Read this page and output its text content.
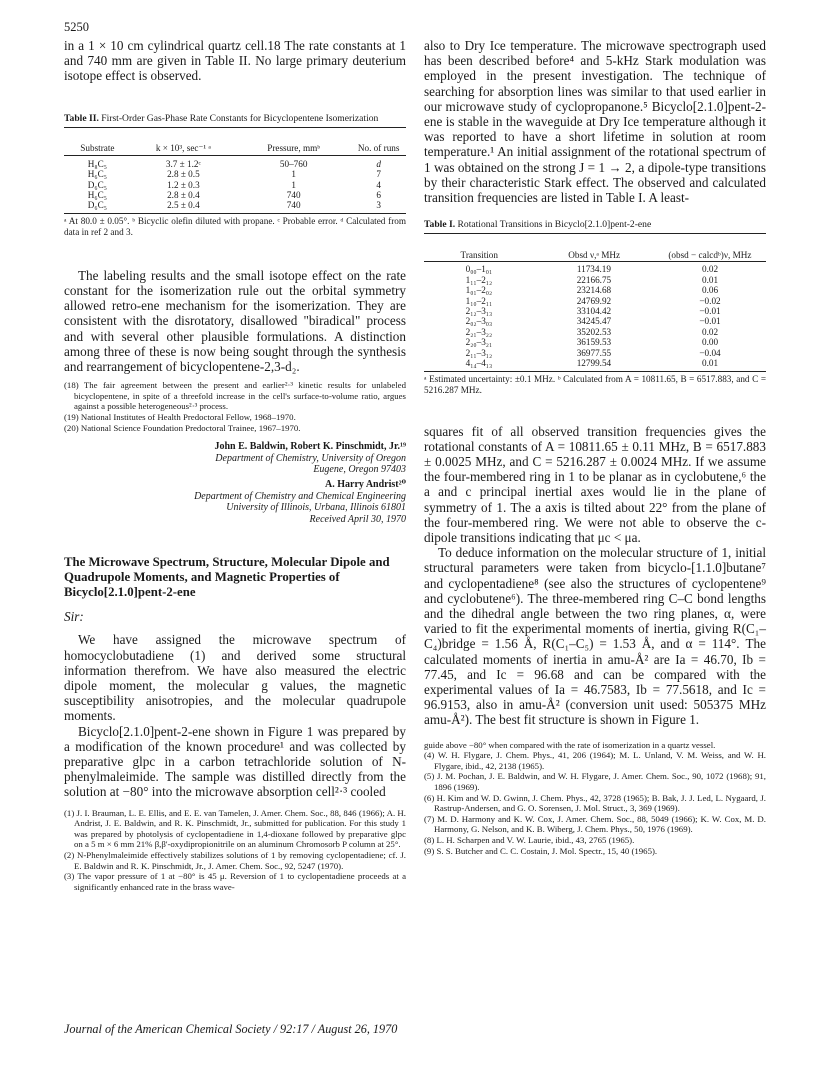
5250

in a 1 × 10 cm cylindrical quartz cell.18 The rate constants at 1 and 740 mm are given in Table II. No large primary deuterium isotope effect is observed.

Table II. First-Order Gas-Phase Rate Constants for Bicyclopentene Isomerization

Substrate	k × 10³, sec⁻¹ ᵃ	Pressure, mmᵇ	No. of runs
H₈C₅	3.7 ± 1.2ᶜ	50–760	d
H₆C₅	2.8 ± 0.5	1	7
D₆C₅	1.2 ± 0.3	1	4
H₆C₅	2.8 ± 0.4	740	6
D₆C₅	2.5 ± 0.4	740	3

ᵃ At 80.0 ± 0.05°. ᵇ Bicyclic olefin diluted with propane. ᶜ Probable error. ᵈ Calculated from data in ref 2 and 3.

The labeling results and the small isotope effect on the rate constant for the isomerization rule out the orbital symmetry allowed retro-ene mechanism for the isomerization. They are consistent with the disrotatory, disallowed "biradical" process and with several other plausible formulations. A distinction among three of these is now being sought through the synthesis and rearrangement of bicyclopentene-2,3-d₂.

(18) The fair agreement between the present and earlier²·³ kinetic results for unlabeled bicyclopentene, in spite of a threefold increase in the cell's surface-to-volume ratio, argues against a possible heterogeneous²·³ process.

(19) National Institutes of Health Predoctoral Fellow, 1968–1970.

(20) National Science Foundation Predoctoral Trainee, 1967–1970.

John E. Baldwin, Robert K. Pinschmidt, Jr.¹⁹

Department of Chemistry, University of Oregon

Eugene, Oregon 97403

A. Harry Andrist²⁰

Department of Chemistry and Chemical Engineering

University of Illinois, Urbana, Illinois 61801

Received April 30, 1970

The Microwave Spectrum, Structure, Molecular Dipole and Quadrupole Moments, and Magnetic Properties of Bicyclo[2.1.0]pent-2-ene

Sir:

We have assigned the microwave spectrum of homocyclobutadiene (1) and derived some structural information therefrom. We have also measured the electric dipole moment, the molecular g values, the magnetic susceptibility anisotropies, and the molecular quadrupole moments.

Bicyclo[2.1.0]pent-2-ene shown in Figure 1 was prepared by a modification of the known procedure¹ and was collected by preparative glpc in a carbon tetrachloride solution of N-phenylmaleimide. The sample was distilled directly from the solution at −80° into the microwave absorption cell²·³ cooled

(1) J. I. Brauman, L. E. Ellis, and E. E. van Tamelen, J. Amer. Chem. Soc., 88, 846 (1966); A. H. Andrist, J. E. Baldwin, and R. K. Pinschmidt, Jr., submitted for publication. For this study 1 was prepared by photolysis of cyclopentadiene in 1,4-dioxane followed by preparative glpc on a 5 m × 6 mm 21% β,β'-oxydipropionitrile on an aluminum Chromosorb P column at 25°.

(2) N-Phenylmaleimide effectively stabilizes solutions of 1 by removing cyclopentadiene; cf. J. E. Baldwin and R. K. Pinschmidt, Jr., J. Amer. Chem. Soc., 92, 5247 (1970).

(3) The vapor pressure of 1 at −80° is 45 μ. Reversion of 1 to cyclopentadiene proceeds at a significantly enhanced rate in the brass wave-

also to Dry Ice temperature. The microwave spectrograph used has been described before⁴ and 5-kHz Stark modulation was employed in the present investigation. The technique of searching for absorption lines was similar to that used earlier in our microwave study of cyclopropanone.⁵ Bicyclo[2.1.0]pent-2-ene is stable in the waveguide at Dry Ice temperature although it was reported to have a short lifetime in solution at room temperature.¹ An initial assignment of the rotational spectrum of 1 was obtained on the strong J = 1 → 2, a dipole-type transitions by their characteristic Stark effect. The observed and calculated transition frequencies are listed in Table I. A least-

Table I. Rotational Transitions in Bicyclo[2.1.0]pent-2-ene

Transition	Obsd ν,ᵃ MHz	(obsd − calcdᵇ)ν, MHz
0₀₀–1₀₁	11734.19	0.02
1₁₁–2₁₂	22166.75	0.01
1₀₁–2₀₂	23214.68	0.06
1₁₀–2₁₁	24769.92	−0.02
2₁₂–3₁₃	33104.42	−0.01
2₀₂–3₀₃	34245.47	−0.01
2₂₁–3₂₂	35202.53	0.02
2₂₀–3₂₁	36159.53	0.00
2₁₁–3₁₂	36977.55	−0.04
4₁₄–4₁₃	12799.54	0.01

ᵃ Estimated uncertainty: ±0.1 MHz. ᵇ Calculated from A = 10811.65, B = 6517.883, and C = 5216.287 MHz.

squares fit of all observed transition frequencies gives the rotational constants of A = 10811.65 ± 0.11 MHz, B = 6517.883 ± 0.0025 MHz, and C = 5216.287 ± 0.0024 MHz. If we assume the four-membered ring in 1 to be planar as in cyclobutene,⁶ the a and c principal inertial axes would lie in the plane of symmetry of 1. The a axis is tilted about 22° from the plane of the four-membered ring. We were not able to observe the c-dipole transitions indicating that μc < μa.

To deduce information on the molecular structure of 1, initial structural parameters were taken from bicyclo-[1.1.0]butane⁷ and cyclopentadiene⁸ (see also the structures of cyclopentene⁹ and cyclobutene⁶). The three-membered ring C–C bond lengths and the dihedral angle between the two ring planes, α, were varied to fit the experimental moments of inertia, giving R(C₁–C₄)bridge = 1.56 Å, R(C₁–C₅) = 1.53 Å, and α = 114°. The calculated moments of inertia in amu-Å² are Ia = 46.70, Ib = 77.45, and Ic = 96.68 and can be compared with the experimental values of Ia = 46.7583, Ib = 77.5618, and Ic = 96.9153, also in amu-Å² (conversion unit used: 505375 MHz amu-Å²). The best fit structure is shown in Figure 1.

guide above −80° when compared with the rate of isomerization in a quartz vessel.

(4) W. H. Flygare, J. Chem. Phys., 41, 206 (1964); M. L. Unland, V. M. Weiss, and W. H. Flygare, ibid., 42, 2138 (1965).

(5) J. M. Pochan, J. E. Baldwin, and W. H. Flygare, J. Amer. Chem. Soc., 90, 1072 (1968); 91, 1896 (1969).

(6) H. Kim and W. D. Gwinn, J. Chem. Phys., 42, 3728 (1965); B. Bak, J. J. Led, L. Nygaard, J. Rastrup-Andersen, and G. O. Sorensen, J. Mol. Struct., 3, 369 (1969).

(7) M. D. Harmony and K. W. Cox, J. Amer. Chem. Soc., 88, 5049 (1966); K. W. Cox, M. D. Harmony, G. Nelson, and K. B. Wiberg, J. Chem. Phys., 50, 1976 (1969).

(8) L. H. Scharpen and V. W. Laurie, ibid., 43, 2765 (1965).

(9) S. S. Butcher and C. C. Costain, J. Mol. Spectr., 15, 40 (1965).

Journal of the American Chemical Society / 92:17 / August 26, 1970
